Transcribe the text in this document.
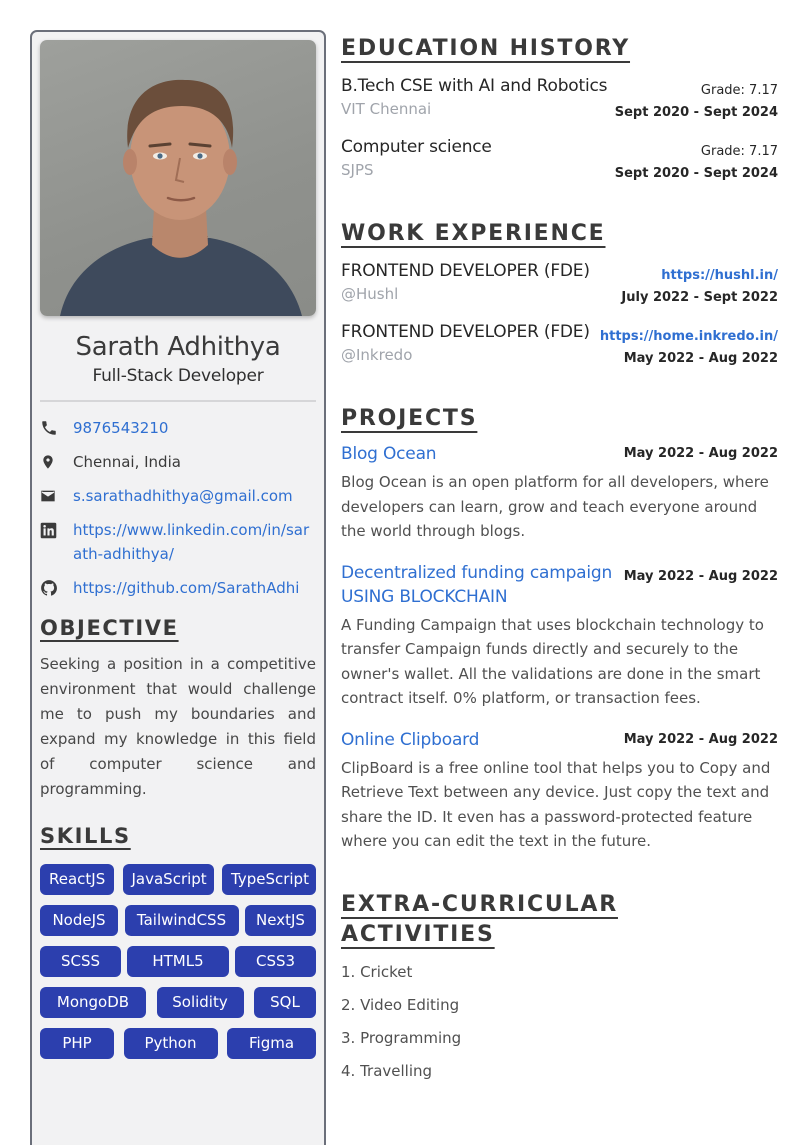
Sarath Adhithya
Full-Stack Developer
9876543210
Chennai, India
s.sarathadhithya@gmail.com
https://www.linkedin.com/in/sarath-adhithya/
https://github.com/SarathAdhi
OBJECTIVE

Seeking a position in a competitive environment that would challenge me to push my boundaries and expand my knowledge in this field of computer science and programming.

SKILLS
ReactJS	JavaScript	TypeScript
NodeJS	TailwindCSS	NextJS
SCSS	HTML5	CSS3
MongoDB	Solidity	SQL
PHP	Python	Figma
EDUCATION HISTORY
B.Tech CSE with AI and Robotics
VIT Chennai
Grade: 7.17
Sept 2020 - Sept 2024
Computer science
SJPS
Grade: 7.17
Sept 2020 - Sept 2024
WORK EXPERIENCE
FRONTEND DEVELOPER (FDE)
@Hushl
https://hushl.in/
July 2022 - Sept 2022
FRONTEND DEVELOPER (FDE)
@Inkredo
https://home.inkredo.in/
May 2022 - Aug 2022
PROJECTS
Blog Ocean	May 2022 - Aug 2022

Blog Ocean is an open platform for all developers, where developers can learn, grow and teach everyone around the world through blogs.

Decentralized funding campaign USING BLOCKCHAIN
May 2022 - Aug 2022

A Funding Campaign that uses blockchain technology to transfer Campaign funds directly and securely to the owner's wallet. All the validations are done in the smart contract itself. 0% platform, or transaction fees.

Online Clipboard	May 2022 - Aug 2022

ClipBoard is a free online tool that helps you to Copy and Retrieve Text between any device. Just copy the text and share the ID. It even has a password-protected feature where you can edit the text in the future.

EXTRA-CURRICULAR ACTIVITIES
1. Cricket
2. Video Editing
3. Programming
4. Travelling
